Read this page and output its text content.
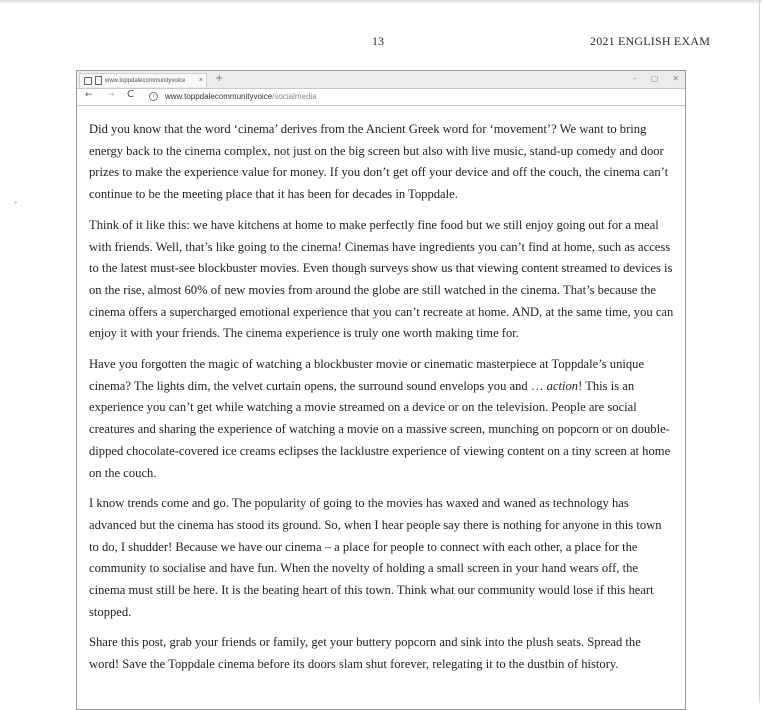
13	2021 ENGLISH EXAM
www.toppdalecommunityvoice × +	– ▢ ✕
← → C	i	www.toppdalecommunityvoice/socialmedia

Did you know that the word ‘cinema’ derives from the Ancient Greek word for ‘movement’? We want to bring energy back to the cinema complex, not just on the big screen but also with live music, stand-up comedy and door prizes to make the experience value for money. If you don’t get off your device and off the couch, the cinema can’t continue to be the meeting place that it has been for decades in Toppdale.

Think of it like this: we have kitchens at home to make perfectly fine food but we still enjoy going out for a meal with friends. Well, that’s like going to the cinema! Cinemas have ingredients you can’t find at home, such as access to the latest must-see blockbuster movies. Even though surveys show us that viewing content streamed to devices is on the rise, almost 60% of new movies from around the globe are still watched in the cinema. That’s because the cinema offers a supercharged emotional experience that you can’t recreate at home. AND, at the same time, you can enjoy it with your friends. The cinema experience is truly one worth making time for.

Have you forgotten the magic of watching a blockbuster movie or cinematic masterpiece at Toppdale’s unique cinema? The lights dim, the velvet curtain opens, the surround sound envelops you and … action! This is an experience you can’t get while watching a movie streamed on a device or on the television. People are social creatures and sharing the experience of watching a movie on a massive screen, munching on popcorn or on double-dipped chocolate-covered ice creams eclipses the lacklustre experience of viewing content on a tiny screen at home on the couch.

I know trends come and go. The popularity of going to the movies has waxed and waned as technology has advanced but the cinema has stood its ground. So, when I hear people say there is nothing for anyone in this town to do, I shudder! Because we have our cinema – a place for people to connect with each other, a place for the community to socialise and have fun. When the novelty of holding a small screen in your hand wears off, the cinema must still be here. It is the beating heart of this town. Think what our community would lose if this heart stopped.

Share this post, grab your friends or family, get your buttery popcorn and sink into the plush seats. Spread the word! Save the Toppdale cinema before its doors slam shut forever, relegating it to the dustbin of history.
